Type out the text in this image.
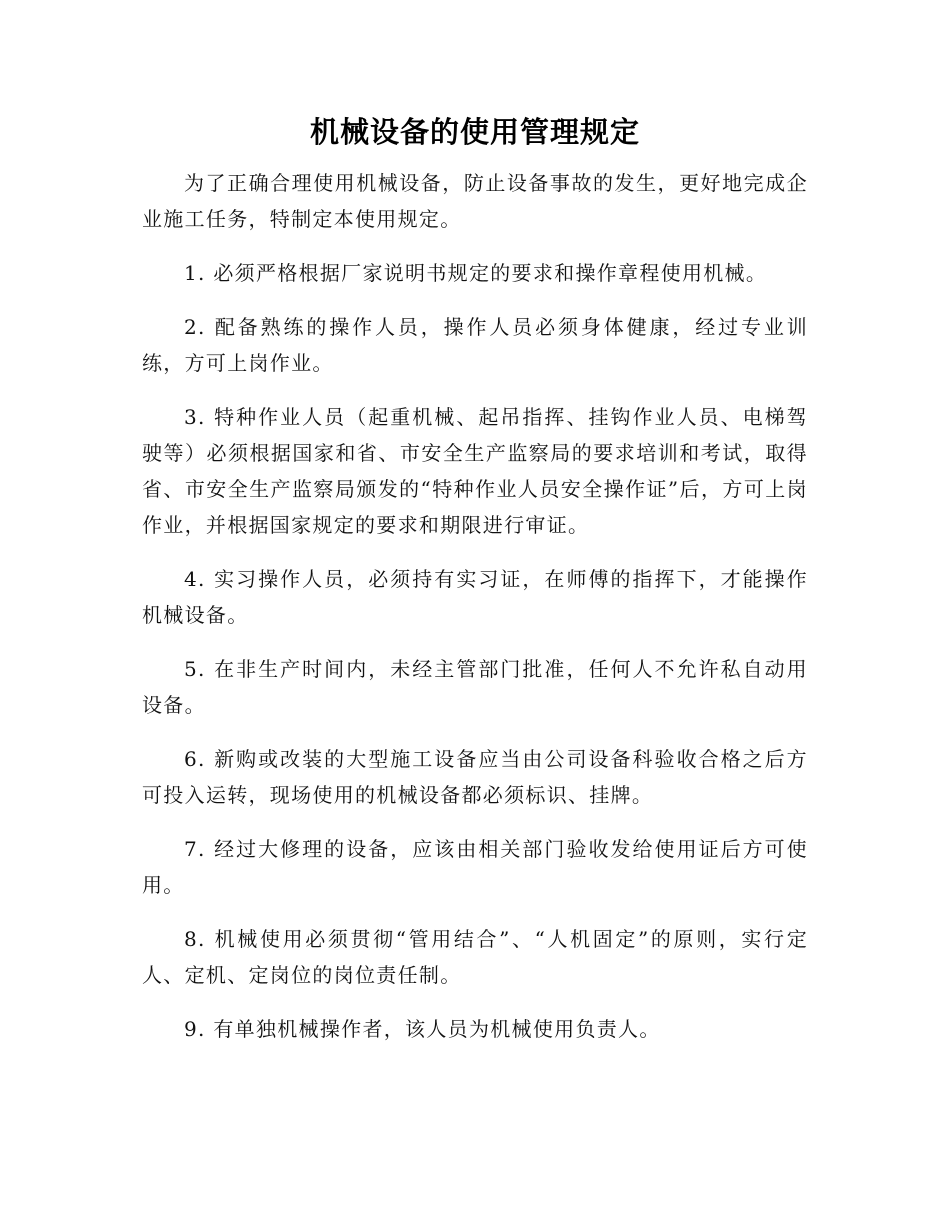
机械设备的使用管理规定

为了正确合理使用机械设备，防止设备事故的发生，更好地完成企业施工任务，特制定本使用规定。

1. 必须严格根据厂家说明书规定的要求和操作章程使用机械。

2. 配备熟练的操作人员，操作人员必须身体健康，经过专业训练，方可上岗作业。

3. 特种作业人员（起重机械、起吊指挥、挂钩作业人员、电梯驾驶等）必须根据国家和省、市安全生产监察局的要求培训和考试，取得省、市安全生产监察局颁发的“特种作业人员安全操作证”后，方可上岗作业，并根据国家规定的要求和期限进行审证。

4. 实习操作人员，必须持有实习证，在师傅的指挥下，才能操作机械设备。

5. 在非生产时间内，未经主管部门批准，任何人不允许私自动用设备。

6. 新购或改装的大型施工设备应当由公司设备科验收合格之后方可投入运转，现场使用的机械设备都必须标识、挂牌。

7. 经过大修理的设备，应该由相关部门验收发给使用证后方可使用。

8. 机械使用必须贯彻“管用结合”、“人机固定”的原则，实行定人、定机、定岗位的岗位责任制。

9. 有单独机械操作者，该人员为机械使用负责人。
